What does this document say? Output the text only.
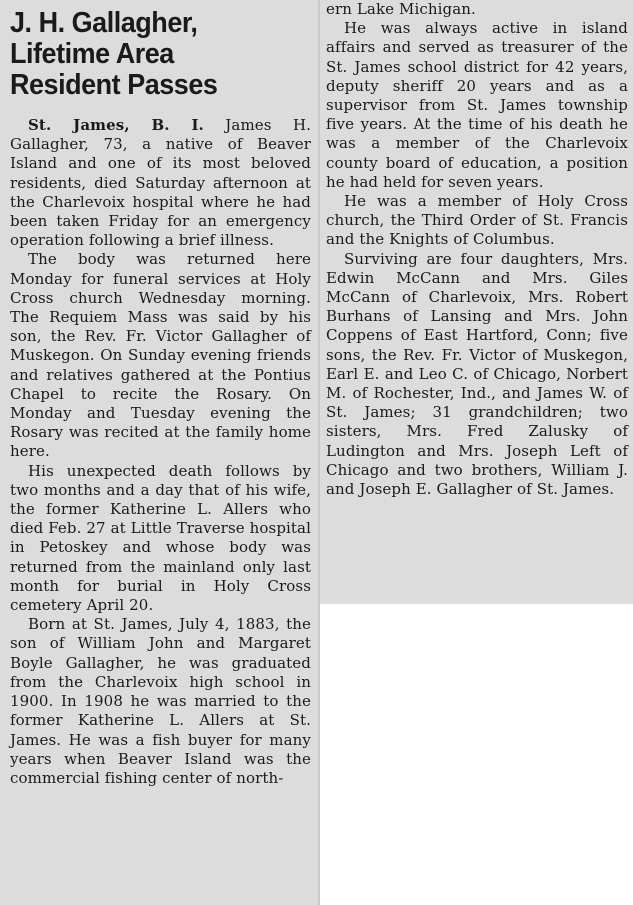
J. H. Gallagher,
Lifetime Area
Resident Passes

St. James, B. I. James H. Gallagher, 73, a native of Beaver Island and one of its most beloved residents, died Saturday afternoon at the Charlevoix hospital where he had been taken Friday for an emergency operation following a brief illness.

The body was returned here Monday for funeral services at Holy Cross church Wednesday morning. The Requiem Mass was said by his son, the Rev. Fr. Victor Gallagher of Muskegon. On Sunday evening friends and relatives gathered at the Pontius Chapel to recite the Rosary. On Monday and Tuesday evening the Rosary was recited at the family home here.

His unexpected death follows by two months and a day that of his wife, the former Katherine L. Allers who died Feb. 27 at Little Traverse hospital in Petoskey and whose body was returned from the mainland only last month for burial in Holy Cross cemetery April 20.

Born at St. James, July 4, 1883, the son of William John and Margaret Boyle Gallagher, he was graduated from the Charlevoix high school in 1900. In 1908 he was married to the former Katherine L. Allers at St. James. He was a fish buyer for many years when Beaver Island was the commercial fishing center of north-

ern Lake Michigan.

He was always active in island affairs and served as treasurer of the St. James school district for 42 years, deputy sheriff 20 years and as a supervisor from St. James township five years. At the time of his death he was a member of the Charlevoix county board of education, a position he had held for seven years.

He was a member of Holy Cross church, the Third Order of St. Francis and the Knights of Columbus.

Surviving are four daughters, Mrs. Edwin McCann and Mrs. Giles McCann of Charlevoix, Mrs. Robert Burhans of Lansing and Mrs. John Coppens of East Hartford, Conn; five sons, the Rev. Fr. Victor of Muskegon, Earl E. and Leo C. of Chicago, Norbert M. of Rochester, Ind., and James W. of St. James; 31 grandchildren; two sisters, Mrs. Fred Zalusky of Ludington and Mrs. Joseph Left of Chicago and two brothers, William J. and Joseph E. Gallagher of St. James.
